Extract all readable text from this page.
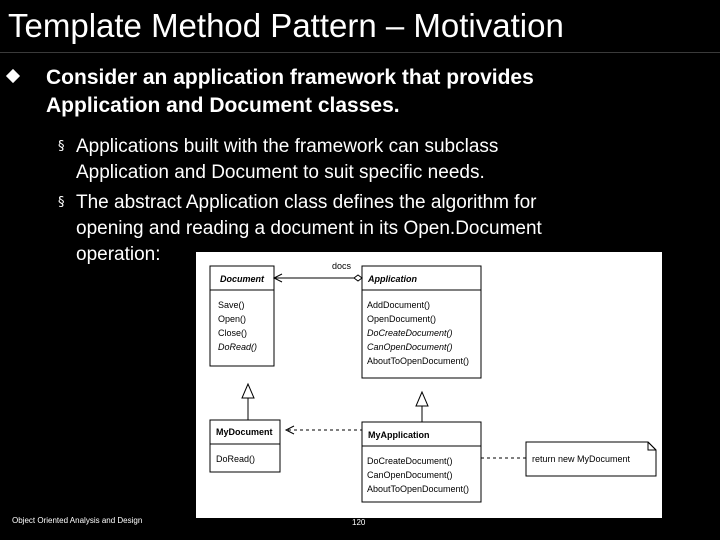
Template Method Pattern – Motivation
Consider an application framework that provides
Application and Document classes.
§ Applications built with the framework can subclass
Application and Document to suit specific needs.
§ The abstract Application class defines the algorithm for
opening and reading a document in its Open.Document
operation:
Document
Save()
Open()
Close()
DoRead()
Application
AddDocument()
OpenDocument()
DoCreateDocument()
CanOpenDocument()
AboutToOpenDocument()
docs
MyDocument
DoRead()
MyApplication
DoCreateDocument()
CanOpenDocument()
AboutToOpenDocument()
return new MyDocument
Object Oriented Analysis and Design	120
